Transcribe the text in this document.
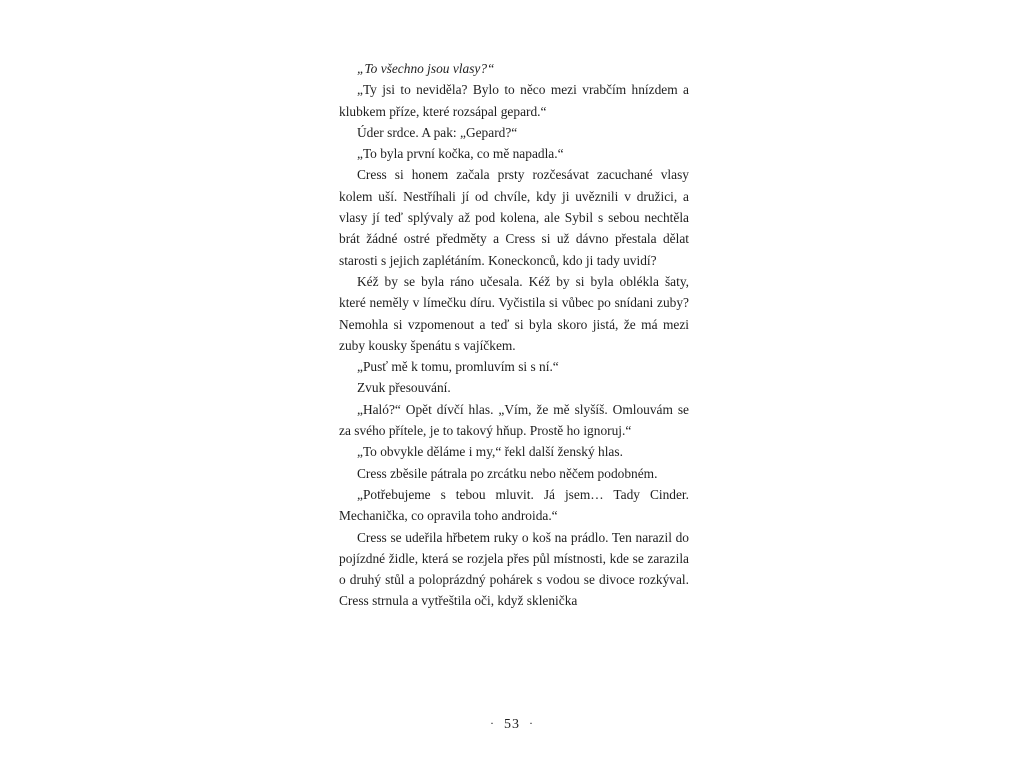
„To všechno jsou vlasy?“

„Ty jsi to neviděla? Bylo to něco mezi vrabčím hnízdem a klubkem příze, které rozsápal gepard.“

Úder srdce. A pak: „Gepard?“

„To byla první kočka, co mě napadla.“

Cress si honem začala prsty rozčesávat zacuchané vlasy kolem uší. Nestříhali jí od chvíle, kdy ji uvěznili v družici, a vlasy jí teď splývaly až pod kolena, ale Sybil s sebou nechtěla brát žádné ostré předměty a Cress si už dávno přestala dělat starosti s jejich zaplétáním. Koneckonců, kdo ji tady uvidí?

Kéž by se byla ráno učesala. Kéž by si byla oblékla šaty, které neměly v límečku díru. Vyčistila si vůbec po snídani zuby? Nemohla si vzpomenout a teď si byla skoro jistá, že má mezi zuby kousky špenátu s vajíčkem.

„Pusť mě k tomu, promluvím si s ní.“

Zvuk přesouvání.

„Haló?“ Opět dívčí hlas. „Vím, že mě slyšíš. Omlouvám se za svého přítele, je to takový hňup. Prostě ho ignoruj.“

„To obvykle děláme i my,“ řekl další ženský hlas.

Cress zběsile pátrala po zrcátku nebo něčem podobném.

„Potřebujeme s tebou mluvit. Já jsem… Tady Cinder. Mechanička, co opravila toho androida.“

Cress se udeřila hřbetem ruky o koš na prádlo. Ten narazil do pojízdné židle, která se rozjela přes půl místnosti, kde se zarazila o druhý stůl a poloprázdný pohárek s vodou se divoce rozkýval. Cress strnula a vytřeštila oči, když sklenička

· 53 ·
